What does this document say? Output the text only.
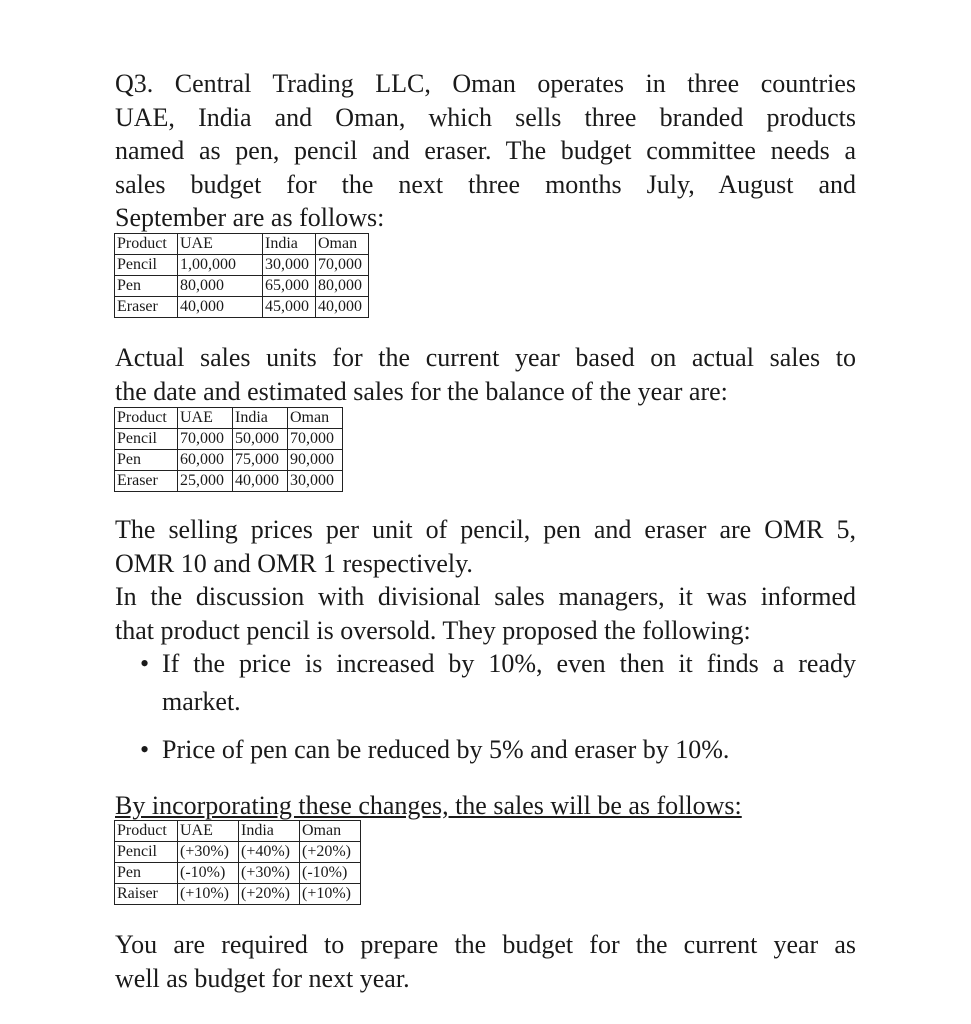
Q3. Central Trading LLC, Oman operates in three countries
UAE, India and Oman, which sells three branded products
named as pen, pencil and eraser. The budget committee needs a
sales budget for the next three months July, August and
September are as follows:

Product	UAE	India	Oman
Pencil	1,00,000	30,000	70,000
Pen	80,000	65,000	80,000
Eraser	40,000	45,000	40,000

Actual sales units for the current year based on actual sales to
the date and estimated sales for the balance of the year are:

Product	UAE	India	Oman
Pencil	70,000	50,000	70,000
Pen	60,000	75,000	90,000
Eraser	25,000	40,000	30,000

The selling prices per unit of pencil, pen and eraser are OMR 5,
OMR 10 and OMR 1 respectively.
In the discussion with divisional sales managers, it was informed
that product pencil is oversold. They proposed the following:

• If the price is increased by 10%, even then it finds a ready
market.
• Price of pen can be reduced by 5% and eraser by 10%.

By incorporating these changes, the sales will be as follows:

Product	UAE	India	Oman
Pencil	(+30%)	(+40%)	(+20%)
Pen	(-10%)	(+30%)	(-10%)
Raiser	(+10%)	(+20%)	(+10%)

You are required to prepare the budget for the current year as
well as budget for next year.
